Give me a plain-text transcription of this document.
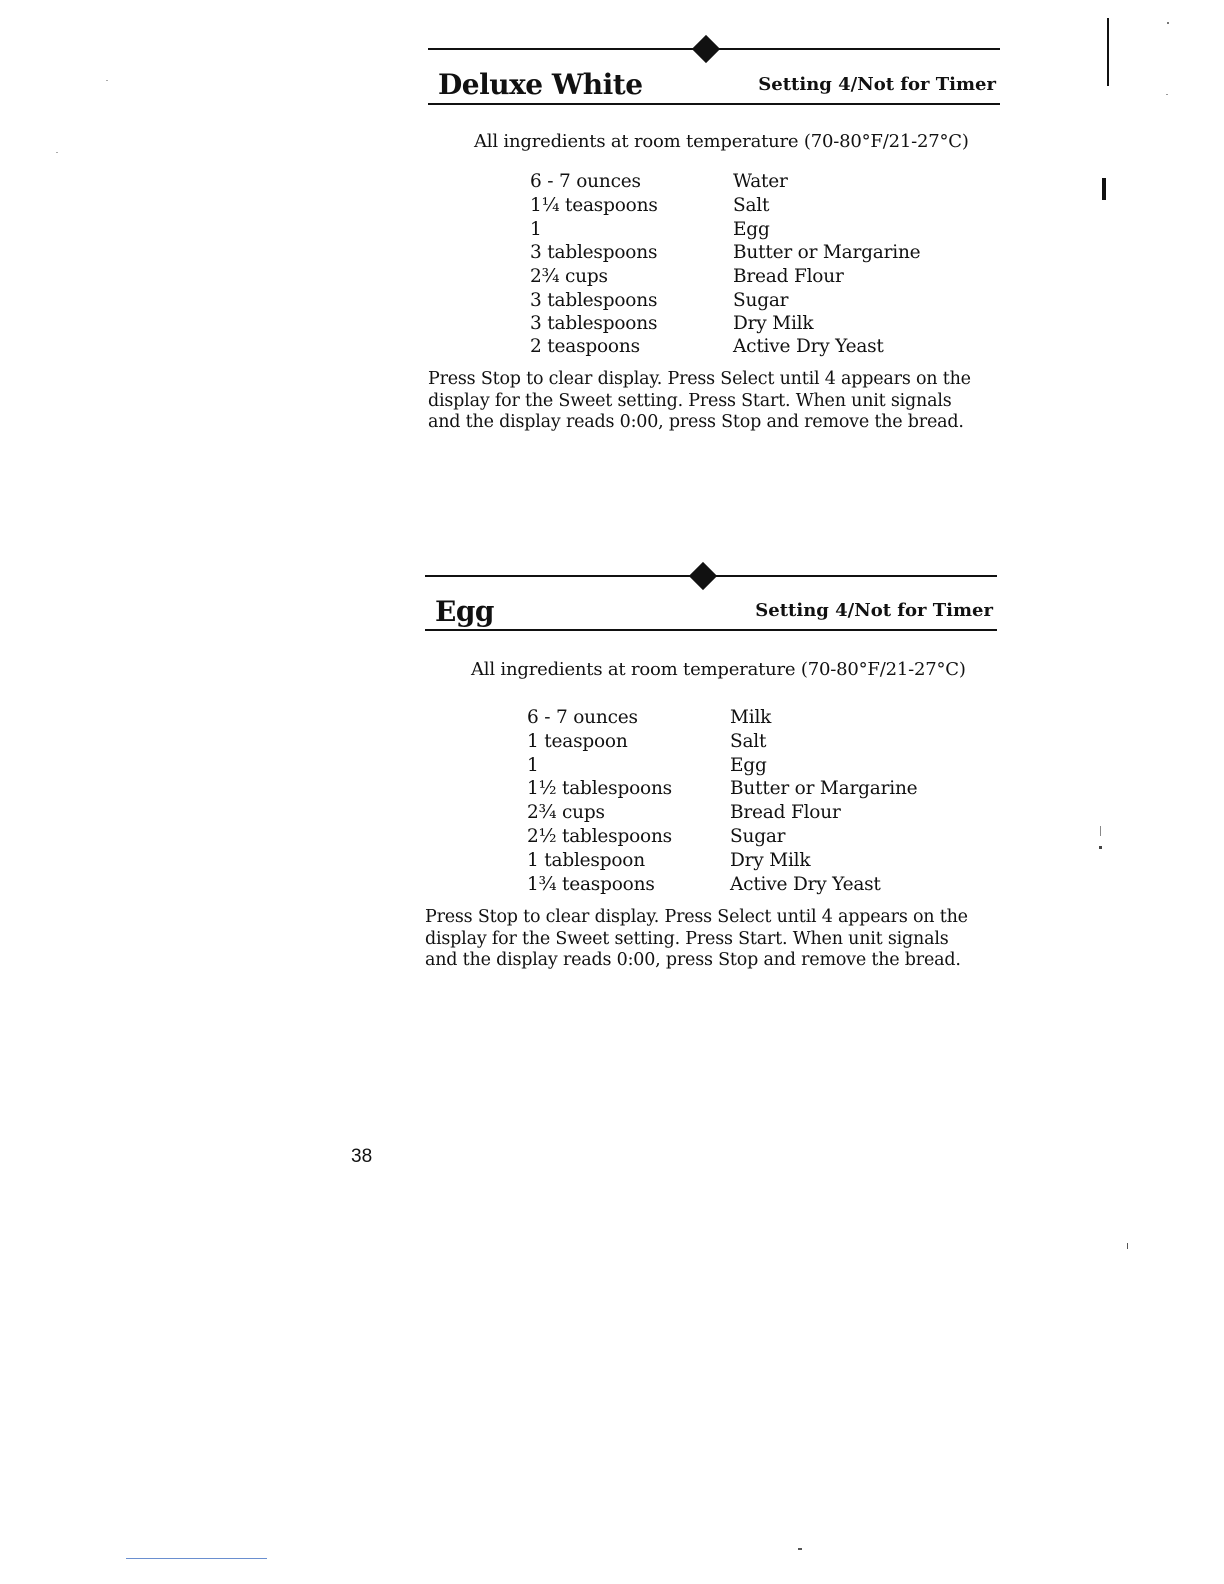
Deluxe White	Setting 4/Not for Timer
All ingredients at room temperature (70-80°F/21-27°C)
6 - 7 ounces	Water
1¼ teaspoons	Salt
1	Egg
3 tablespoons	Butter or Margarine
2¾ cups	Bread Flour
3 tablespoons	Sugar
3 tablespoons	Dry Milk
2 teaspoons	Active Dry Yeast
Press Stop to clear display. Press Select until 4 appears on the display for the Sweet setting. Press Start. When unit signals and the display reads 0:00, press Stop and remove the bread.
Egg	Setting 4/Not for Timer
All ingredients at room temperature (70-80°F/21-27°C)
6 - 7 ounces	Milk
1 teaspoon	Salt
1	Egg
1½ tablespoons	Butter or Margarine
2¾ cups	Bread Flour
2½ tablespoons	Sugar
1 tablespoon	Dry Milk
1¾ teaspoons	Active Dry Yeast
Press Stop to clear display. Press Select until 4 appears on the display for the Sweet setting. Press Start. When unit signals and the display reads 0:00, press Stop and remove the bread.
38
